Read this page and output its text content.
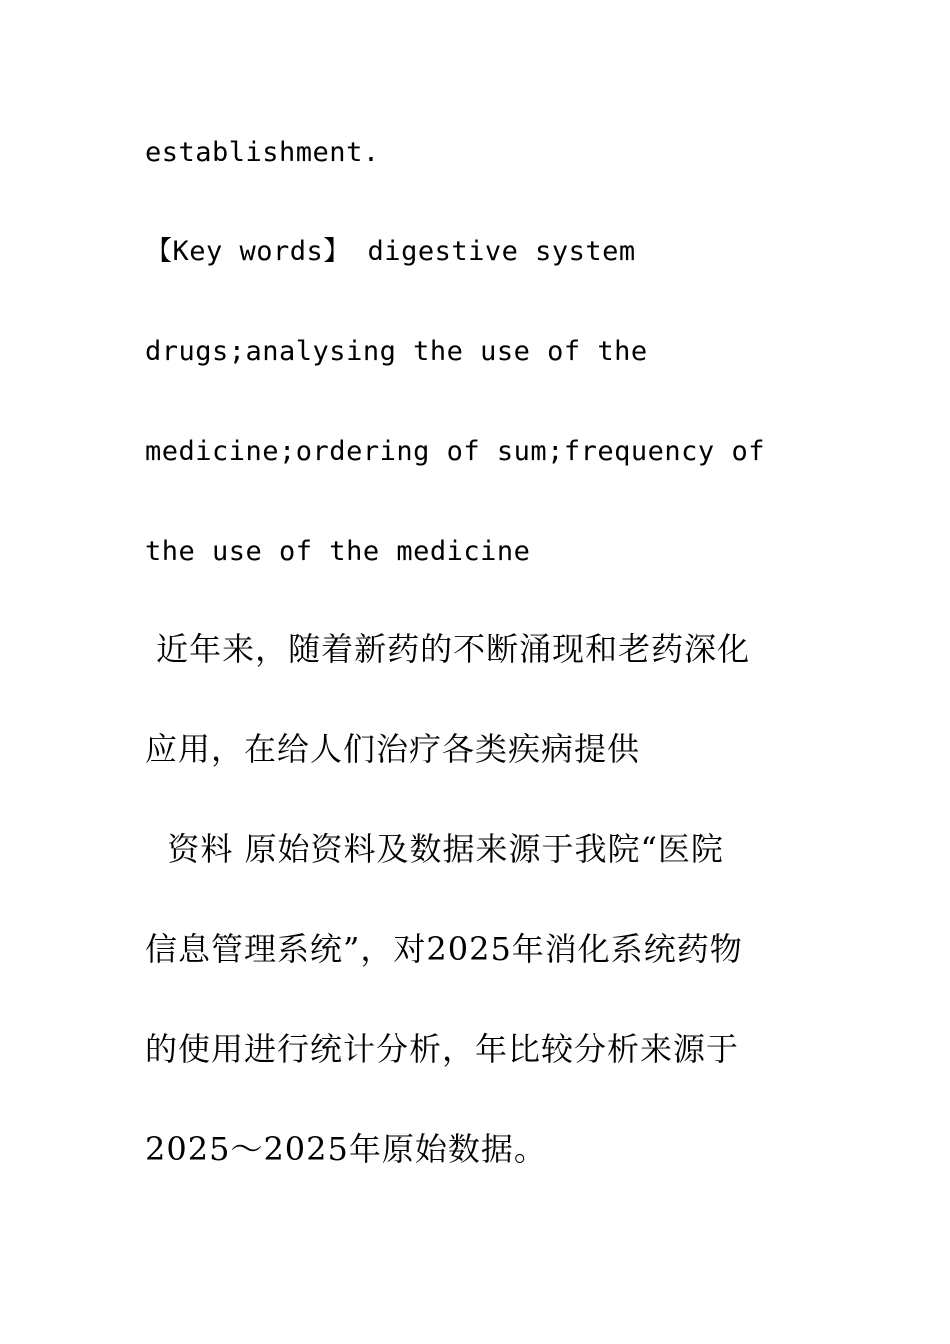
establishment.
【Key words】 digestive system
drugs;analysing the use of the
medicine;ordering of sum;frequency of
the use of the medicine
近年来，随着新药的不断涌现和老药深化
应用，在给人们治疗各类疾病提供
资料 原始资料及数据来源于我院“医院
信息管理系统”，对2025年消化系统药物
的使用进行统计分析，年比较分析来源于
2025～2025年原始数据。
